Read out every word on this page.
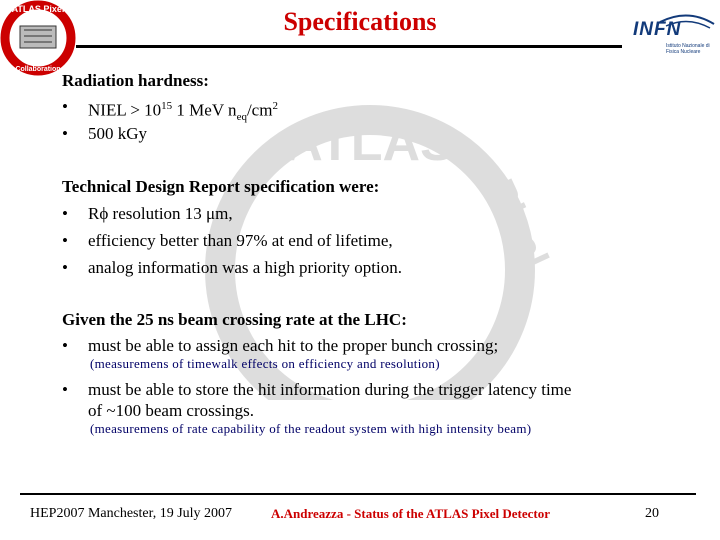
ATLAS
Pixel
ATLAS Pixel
Collaboration
INFN
Istituto Nazionale di Fisica Nucleare
Specifications
Radiation hardness:
• NIEL > $10^{15}$ 1 MeV $n_{eq}/cm^2$
• 500 kGy
Technical Design Report specification were:
• Rϕ resolution 13 μm,
• efficiency better than 97% at end of lifetime,
• analog information was a high priority option.
Given the 25 ns beam crossing rate at the LHC:
• must be able to assign each hit to the proper bunch crossing;
(measuremens of timewalk effects on efficiency and resolution)
• must be able to store the hit information during the trigger latency time
of ~100 beam crossings.
(measuremens of rate capability of the readout system with high intensity beam)
HEP2007 Manchester, 19 July 2007	A.Andreazza - Status of the ATLAS Pixel Detector	20
